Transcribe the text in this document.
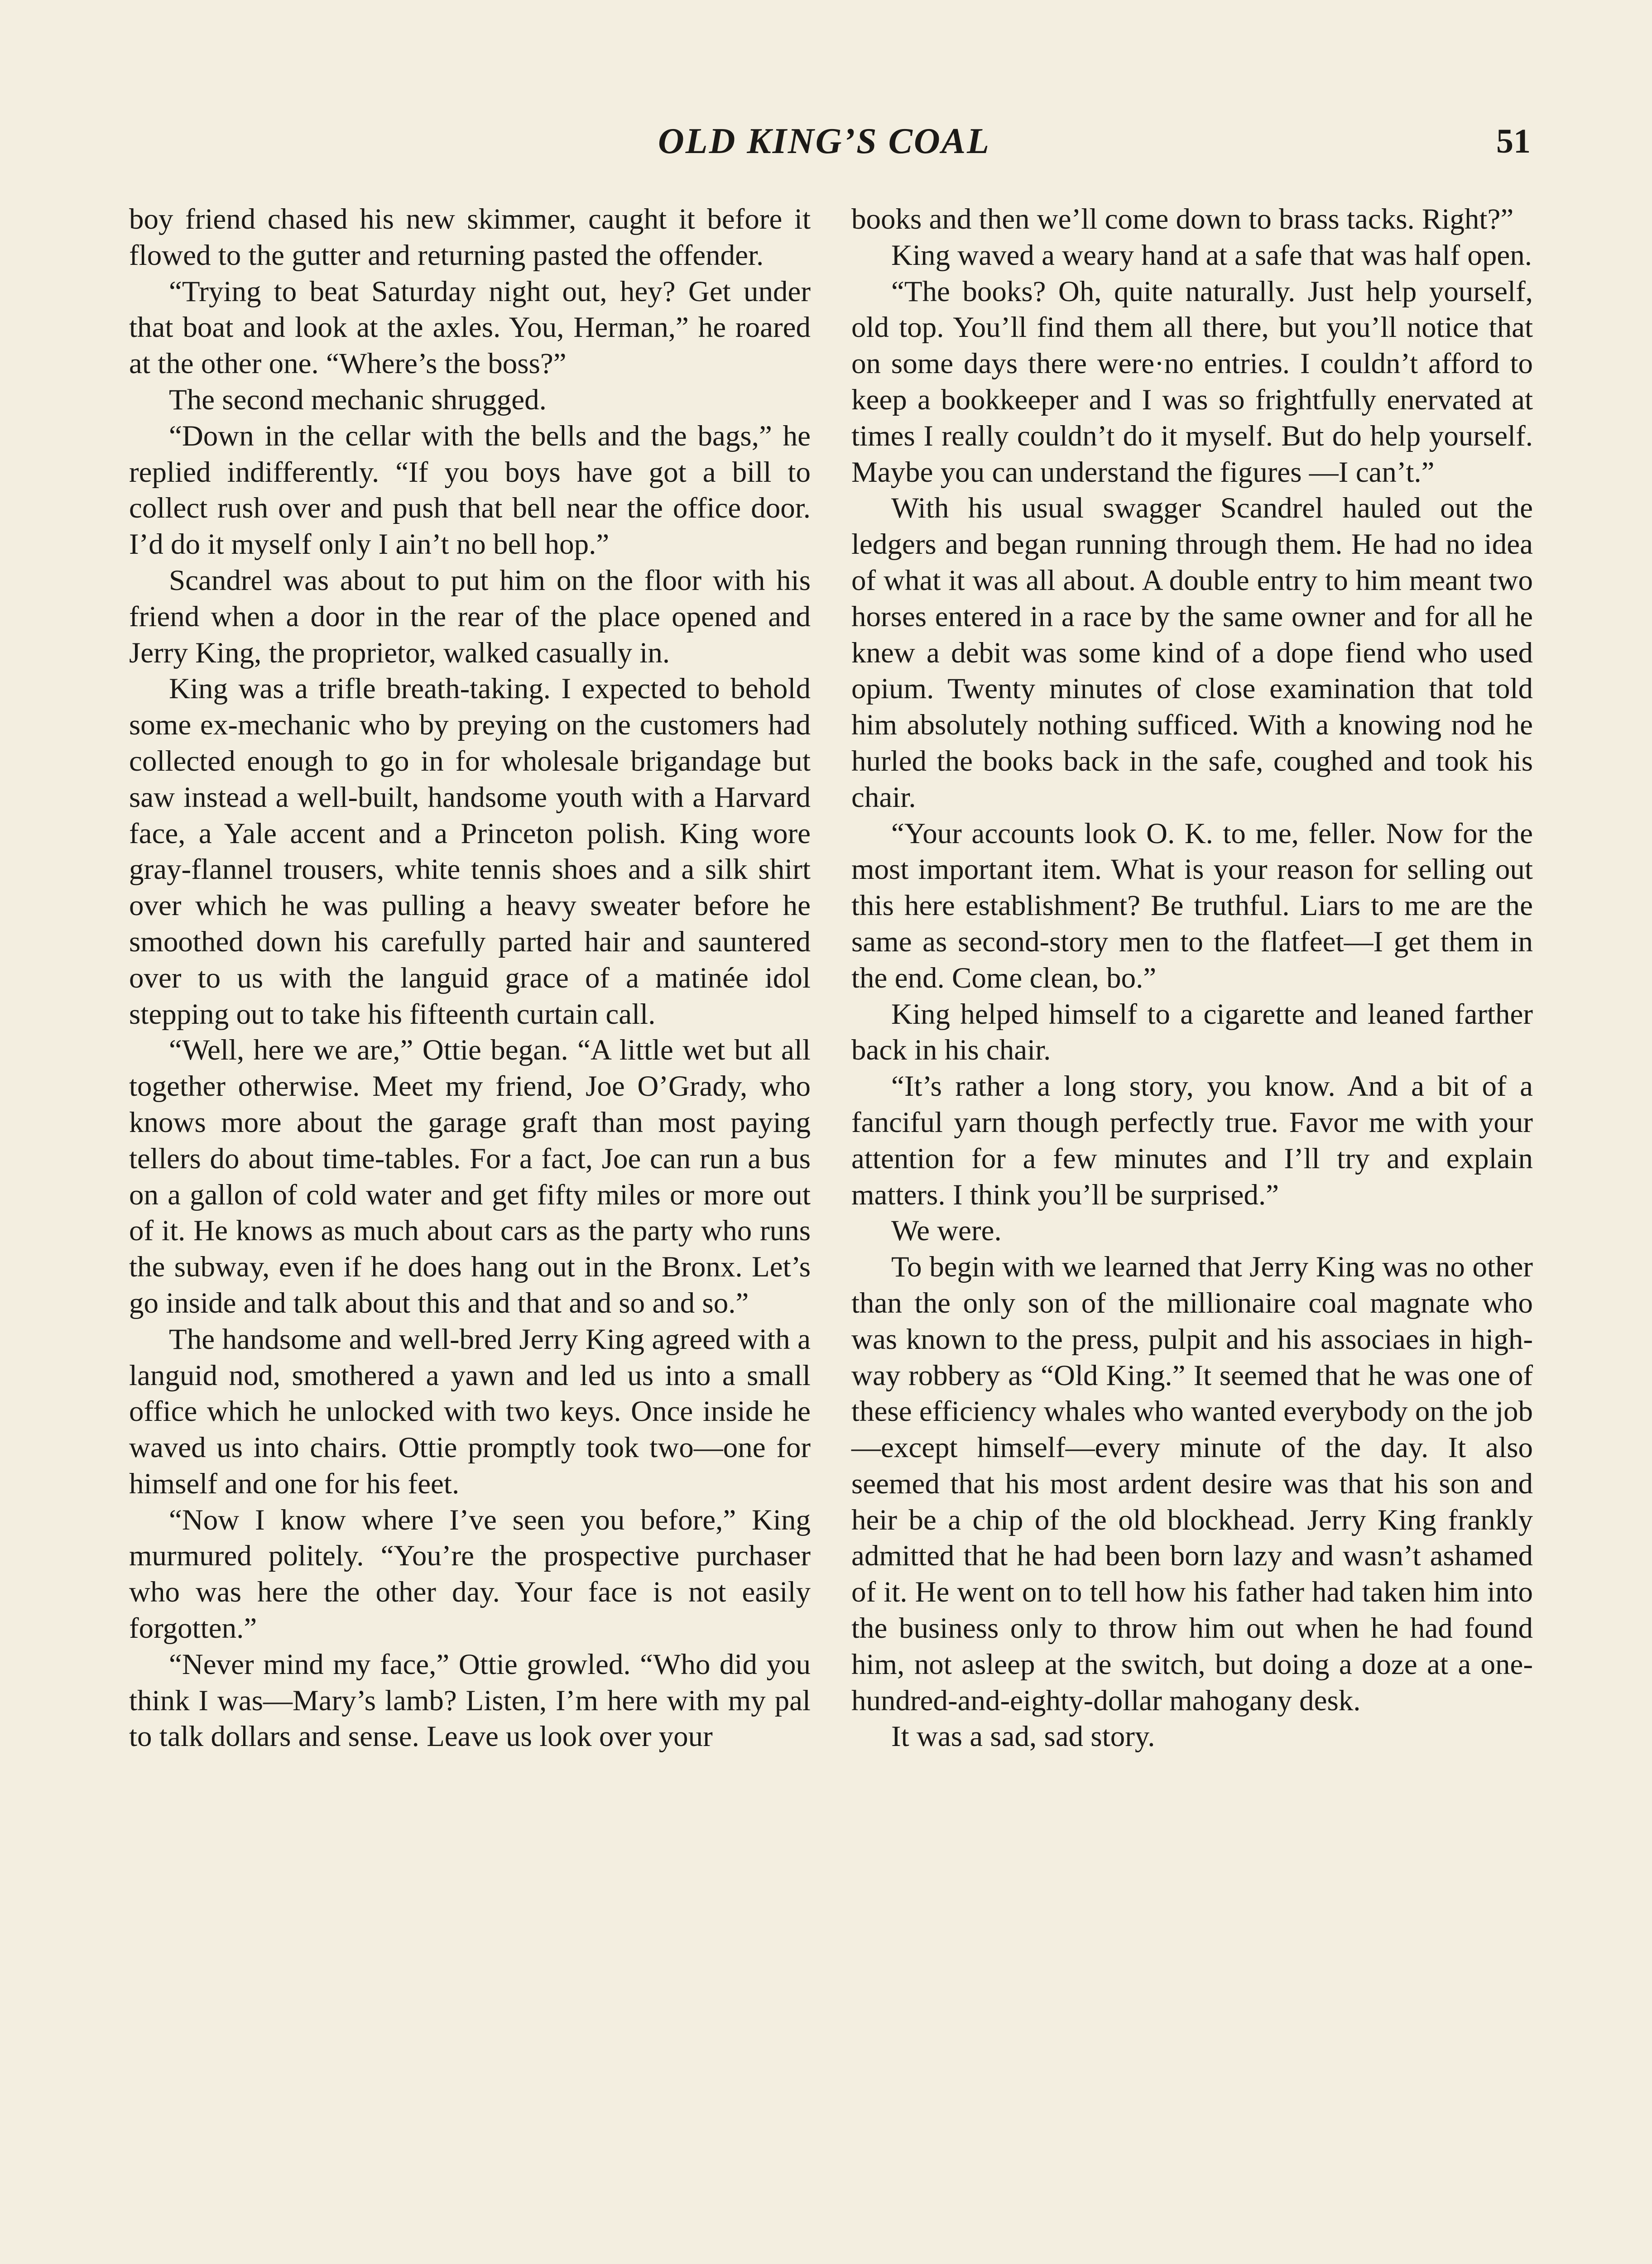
OLD KING’S COAL	51

boy friend chased his new skimmer, caught it before it flowed to the gutter and returning pasted the offender.

“Trying to beat Saturday night out, hey? Get under that boat and look at the axles. You, Herman,” he roared at the other one. “Where’s the boss?”

The second mechanic shrugged.

“Down in the cellar with the bells and the bags,” he replied indifferently. “If you boys have got a bill to collect rush over and push that bell near the office door. I’d do it myself only I ain’t no bell hop.”

Scandrel was about to put him on the floor with his friend when a door in the rear of the place opened and Jerry King, the proprietor, walked casually in.

King was a trifle breath-taking. I expected to behold some ex-mechanic who by preying on the customers had collected enough to go in for wholesale brigandage but saw instead a well-built, handsome youth with a Harvard face, a Yale accent and a Princeton polish. King wore gray-flannel trousers, white tennis shoes and a silk shirt over which he was pulling a heavy sweater before he smoothed down his carefully parted hair and sauntered over to us with the languid grace of a matinée idol stepping out to take his fifteenth curtain call.

“Well, here we are,” Ottie began. “A little wet but all together otherwise. Meet my friend, Joe O’Grady, who knows more about the garage graft than most paying tellers do about time-tables. For a fact, Joe can run a bus on a gallon of cold water and get fifty miles or more out of it. He knows as much about cars as the party who runs the subway, even if he does hang out in the Bronx. Let’s go inside and talk about this and that and so and so.”

The handsome and well-bred Jerry King agreed with a languid nod, smothered a yawn and led us into a small office which he unlocked with two keys. Once inside he waved us into chairs. Ottie promptly took two—one for himself and one for his feet.

“Now I know where I’ve seen you before,” King murmured politely. “You’re the prospective purchaser who was here the other day. Your face is not easily forgotten.”

“Never mind my face,” Ottie growled. “Who did you think I was—Mary’s lamb? Listen, I’m here with my pal to talk dollars and sense. Leave us look over your

books and then we’ll come down to brass tacks. Right?”

King waved a weary hand at a safe that was half open.

“The books? Oh, quite naturally. Just help yourself, old top. You’ll find them all there, but you’ll notice that on some days there were·no entries. I couldn’t afford to keep a bookkeeper and I was so frightfully enervated at times I really couldn’t do it myself. But do help yourself. Maybe you can understand the figures —I can’t.”

With his usual swagger Scandrel hauled out the ledgers and began running through them. He had no idea of what it was all about. A double entry to him meant two horses entered in a race by the same owner and for all he knew a debit was some kind of a dope fiend who used opium. Twenty minutes of close examination that told him absolutely nothing sufficed. With a knowing nod he hurled the books back in the safe, coughed and took his chair.

“Your accounts look O. K. to me, feller. Now for the most important item. What is your reason for selling out this here establishment? Be truthful. Liars to me are the same as second-story men to the flatfeet—I get them in the end. Come clean, bo.”

King helped himself to a cigarette and leaned farther back in his chair.

“It’s rather a long story, you know. And a bit of a fanciful yarn though perfectly true. Favor me with your attention for a few minutes and I’ll try and explain matters. I think you’ll be surprised.”

We were.

To begin with we learned that Jerry King was no other than the only son of the millionaire coal magnate who was known to the press, pulpit and his associaes in highway robbery as “Old King.” It seemed that he was one of these efficiency whales who wanted everybody on the job—except himself—every minute of the day. It also seemed that his most ardent desire was that his son and heir be a chip of the old blockhead. Jerry King frankly admitted that he had been born lazy and wasn’t ashamed of it. He went on to tell how his father had taken him into the business only to throw him out when he had found him, not asleep at the switch, but doing a doze at a one-hundred-and-eighty-dollar mahogany desk.

It was a sad, sad story.
